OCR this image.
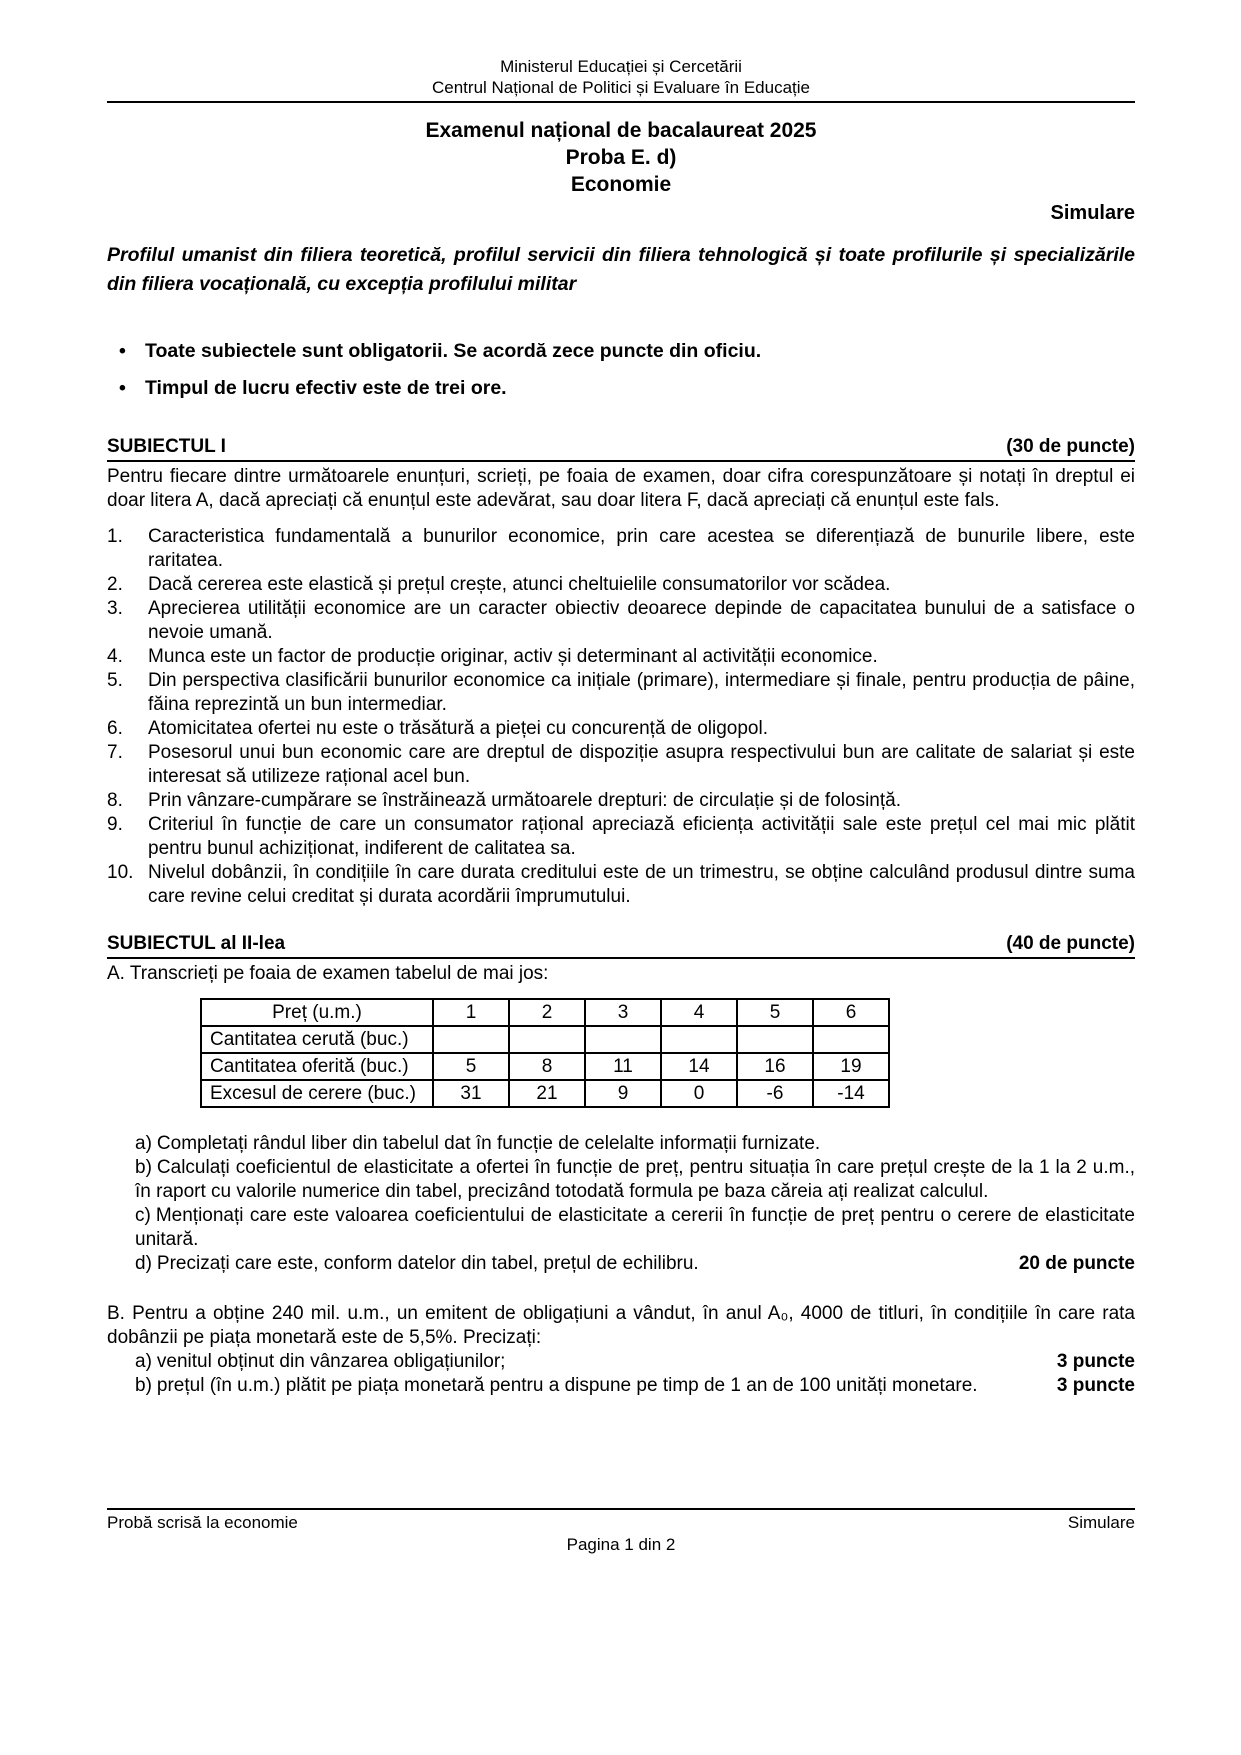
Ministerul Educației și Cercetării
Centrul Național de Politici și Evaluare în Educație
Examenul național de bacalaureat 2025
Proba E. d)
Economie
Simulare

Profilul umanist din filiera teoretică, profilul servicii din filiera tehnologică și toate profilurile și specializările din filiera vocațională, cu excepția profilului militar

• Toate subiectele sunt obligatorii. Se acordă zece puncte din oficiu.
• Timpul de lucru efectiv este de trei ore.
SUBIECTUL I	(30 de puncte)

Pentru fiecare dintre următoarele enunțuri, scrieți, pe foaia de examen, doar cifra corespunzătoare și notați în dreptul ei doar litera A, dacă apreciați că enunțul este adevărat, sau doar litera F, dacă apreciați că enunțul este fals.

1.	Caracteristica fundamentală a bunurilor economice, prin care acestea se diferențiază de bunurile libere, este raritatea.
2.	Dacă cererea este elastică și prețul crește, atunci cheltuielile consumatorilor vor scădea.
3.	Aprecierea utilității economice are un caracter obiectiv deoarece depinde de capacitatea bunului de a satisface o nevoie umană.
4.	Munca este un factor de producție originar, activ și determinant al activității economice.
5.	Din perspectiva clasificării bunurilor economice ca inițiale (primare), intermediare și finale, pentru producția de pâine, făina reprezintă un bun intermediar.
6.	Atomicitatea ofertei nu este o trăsătură a pieței cu concurență de oligopol.
7.	Posesorul unui bun economic care are dreptul de dispoziție asupra respectivului bun are calitate de salariat și este interesat să utilizeze rațional acel bun.
8.	Prin vânzare-cumpărare se înstrăinează următoarele drepturi: de circulație și de folosință.
9.	Criteriul în funcție de care un consumator rațional apreciază eficiența activității sale este prețul cel mai mic plătit pentru bunul achiziționat, indiferent de calitatea sa.
10. Nivelul dobânzii, în condițiile în care durata creditului este de un trimestru, se obține calculând produsul dintre suma care revine celui creditat și durata acordării împrumutului.
SUBIECTUL al II-lea	(40 de puncte)

A. Transcrieți pe foaia de examen tabelul de mai jos:

Preț (u.m.)	1	2	3	4	5	6
Cantitatea cerută (buc.)						
Cantitatea oferită (buc.)	5	8	11	14	16	19
Excesul de cerere (buc.)	31	21	9	0	-6	-14
a) Completați rândul liber din tabelul dat în funcție de celelalte informații furnizate.
b) Calculați coeficientul de elasticitate a ofertei în funcție de preț, pentru situația în care prețul crește de la 1 la 2 u.m., în raport cu valorile numerice din tabel, precizând totodată formula pe baza căreia ați realizat calculul.
c) Menționați care este valoarea coeficientului de elasticitate a cererii în funcție de preț pentru o cerere de elasticitate unitară.
d) Precizați care este, conform datelor din tabel, prețul de echilibru.	20 de puncte

B. Pentru a obține 240 mil. u.m., un emitent de obligațiuni a vândut, în anul A₀, 4000 de titluri, în condițiile în care rata dobânzii pe piața monetară este de 5,5%. Precizați:

a) venitul obținut din vânzarea obligațiunilor;	3 puncte
b) prețul (în u.m.) plătit pe piața monetară pentru a dispune pe timp de 1 an de 100 unități monetare.	3 puncte
Probă scrisă la economie	Simulare
Pagina 1 din 2
